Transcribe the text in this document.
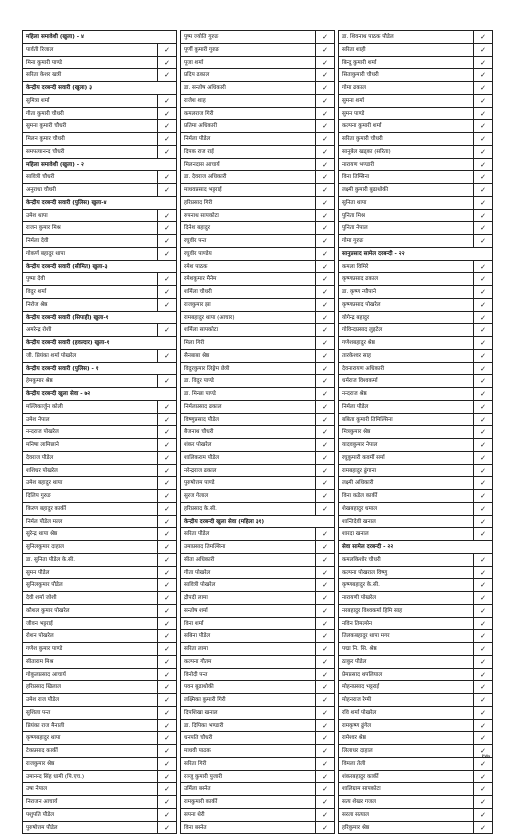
महिला समावेशी (खुला) - ४
पार्वती रिजाल	✓
मिना कुमारी पाण्डे	✓
सरिता केशर खत्री	✓
केन्द्रीय दरबन्दी सवारी (खुला) ३
सुमित्रा शर्मा	✓
गीता कुमारी चौधरी	✓
सुमना कुमारी चौधरी	✓
मिलन कुमार चौधरी	✓
समपत्यानन्द चौधरी	✓
महिला समावेशी (खुला) - २
सावित्री चौधरी	✓
अनुराधा चौधरी	✓
केन्द्रीय दरबन्दी सवारी (पुलिस) खुला-४
उमेश थापा	✓
राजन कुमार मिश्र	✓
निर्मला देवी	✓
गोकर्ण बहादुर थापा	✓
केन्द्रीय दरबन्दी सवारी (सीमित) खुला-३
पुष्पा देवी	✓
विदुर शर्मा	✓
निरोज श्रेष्ठ	✓
केन्द्रीय दरबन्दी सवारी (सिपाही) खुला-१
अमरेन्द्र रोशी	✓
केन्द्रीय दरबन्दी सवारी (हवल्दार) खुला-१
जी. प्रियंका शर्मा पोखरेल	✓
केन्द्रीय दरबन्दी सवारी (पुलिस) - १
हेमकुमार श्रेष्ठ	✓
केन्द्रीय दरबन्दी खुला सेवा - ७२
मल्लिकार्जुन कोली	✓
उमेश नेपाल	✓
नन्दराज पोखरेल	✓
मनिषा लामिछाने	✓
देवराज पौडेल	✓
शशिधर पोखरेल	✓
उमेश बहादुर थापा	✓
दिलिप गुरुङ	✓
किरण बहादुर कार्की	✓
निर्मल पौडेल मल्ल	✓
सुरेन्द्र थापा श्रेष्ठ	✓
सुनिलकुमार दाहाल	✓
डा. सुनिता पौडेल के.सी.	✓
सुमन पौडेल	✓
सुनिलकुमार पौडेल	✓
देवी शर्मा जोशी	✓
कौशल कुमार पोखरेल	✓
जीवन भट्टराई	✓
रोशन पोखरेल	✓
गणेश कुमार पाण्डे	✓
सीताराम मिश्र	✓
गोकुलप्रसाद आचार्य	✓
हरिप्रसाद खिलाल	✓
उमेश राज पौडेल	✓
सुशिला पन्त	✓
प्रियंका राज मैनाली	✓
कृष्णबहादुर थापा	✓
टेकप्रसाद कार्की	✓
राजकुमार श्रेष्ठ	✓
उमानन्द सिंह धामी (पि.एच.)	✓
उषा नेपाल	✓
निराजन आचार्य	✓
पशुपति पौडेल	✓
पुरुषोत्तम पौडेल	✓
पुष्प ज्योति गुरुङ	✓
पूर्णी कुमारी गुरुङ	✓
पूजा शर्मा	✓
प्रदिप ढकाल	✓
डा. सन्तोष अधिकारी	✓
राजेश शाह	✓
कमलराज गिरी	✓
प्रतिमा अधिकारी	✓
निर्मला पौडेल	✓
दिपक राज राई	✓
मिलनदास आचार्य	✓
डा. देवराज अधिकारी	✓
माधवप्रसाद भट्टराई	✓
हरिप्रसाद गिरी	✓
रुपनाथ सापकोटा	✓
दिनेश बहादुर	✓
रघुवीर पन्त	✓
रघुवीर पाण्डेय	✓
रमेश पाठक	✓
रमेशकुमार मैनेम	✓
शर्मिला चौधरी	✓
राजकुमार झा	✓
रामबहादुर थापा (आचार)	✓
शर्मिला सापकोटा	✓
मिला गिरी	✓
सैनबाबा श्रेष्ठ	✓
विदुरकुमार लिङ्गेम छेत्री	✓
डा. विदुर पाण्डे	✓
डा. मिन्छा पाण्डे	✓
निर्मलप्रसाद ढकाल	✓
विष्णुप्रसाद पौडेल	✓
बैजनाथ चौधरी	✓
शंकर पोखरेल	✓
शालिकराम पौडेल	✓
नरेन्द्रराज ढकाल	✓
पुरुषोत्तम पाण्डे	✓
सुरज गेलाल	✓
हरिप्रसाद के.सी.	✓
केन्द्रीय दरबन्दी खुला सेवा (महिला ३१)
सरिता पौडेल	✓
उमाप्रसाद तिमल्सिना	✓
सीता अधिकारी	✓
गीता पोखरेल	✓
सावित्री पोखरेल	✓
द्रौपदी लामा	✓
सन्तोष शर्मा	✓
विना शर्मा	✓
सबिना पौडेल	✓
सरिता लामा	✓
कल्पना गौतम	✓
विनोदी पन्त	✓
पवन बुढाथोकी	✓
लक्ष्मिका कुमारी गिरी	✓
दिपशिखा खनाल	✓
डा. दिपिका भण्डारी	✓
धनपति चौधरी	✓
माधवी पाठक	✓
सरिता गिरी	✓
रञ्जु कुमारी पुजारी	✓
उर्मिला बस्नेत	✓
रामकुमारी कार्की	✓
सपना थेरी	✓
विना बस्नेत	✓
डा. शिवनाथ पाठक पौडेल	✓
सरिता शाही	✓
बिन्दु कुमारी शर्मा	✓
सिताकुमारी चौधरी	✓
गोमा ढकाल	✓
सुमना शर्मा	✓
सुमन पाण्डे	✓
कल्पना कुमारी शर्मा	✓
सरिता कुमारी चौधरी	✓
सानुबेल खड्का (सरिता)	✓
नारायण भण्डारी	✓
विना तिम्सिना	✓
लक्ष्मी कुमारी बुढाथोकी	✓
सुनिता थापा	✓
पुनिता मिश्र	✓
पुनिता नेपाल	✓
गोमा गुरुङ	✓
सानुप्रसाद सामेल दरबन्दी - २२
कमला विमिरे	✓
कृष्णप्रसाद ढकाल	✓
डा. कृष्ण न्यौपाने	✓
कृष्णप्रसाद पोखरेल	✓
योगेन्द्र बहादुर	✓
गोविन्दप्रसाद लुइटेल	✓
गणेशबहादुर श्रेष्ठ	✓
तारकेश्वर साह	✓
देवनारायण अधिकारी	✓
धर्मराज विश्वकर्मा	✓
नन्दराज श्रेष्ठ	✓
निर्मला पौडेल	✓
बबिता कुमारी तिमिल्सिना	✓
मित्रकुमार श्रेष्ठ	✓
यादवकुमार नेपाल	✓
रघुकुमारी कवर्मी सर्मा	✓
रामबहादुर ढुंगाना	✓
लक्ष्मी अधिकारी	✓
विना कडेल कार्की	✓
शेखबहादुर धमाल	✓
शान्तिदेवी खनाल	✓
शारदा खनाल	✓
सेवा सामेल दरबन्दी - २२
कमलकिशोर चौधरी	✓
कल्पना पोखराल विष्णु	✓
कृष्णबहादुर के.सी.	✓
नारायणी पोखरेल	✓
नरबहादुर विश्वकर्मा हिमि साह	✓
नविन तिमल्सेन	✓
तिलकबहादुर थापा मगर	✓
पद्मा नि. सि. श्रेष्ठ	✓
ठाकुर पौडेल	✓
प्रेमप्रसाद थपलियाल	✓
मोहनप्रसाद भट्टराई	✓
मोहनराज रेग्मी	✓
रवि शर्मा पोखरेल	✓
रामकृष्ण ढुंगेल	✓
रामेश्वर श्रेष्ठ	✓
लिलाधर दाहाल	✓
विमला तेली	✓
शंकरबहादुर कार्की	✓
शालिग्राम सापकोटा	✓
सत्य शेखर गजल	✓
सरला सत्याल	✓
हरिकुमार श्रेष्ठ	✓
१४७
